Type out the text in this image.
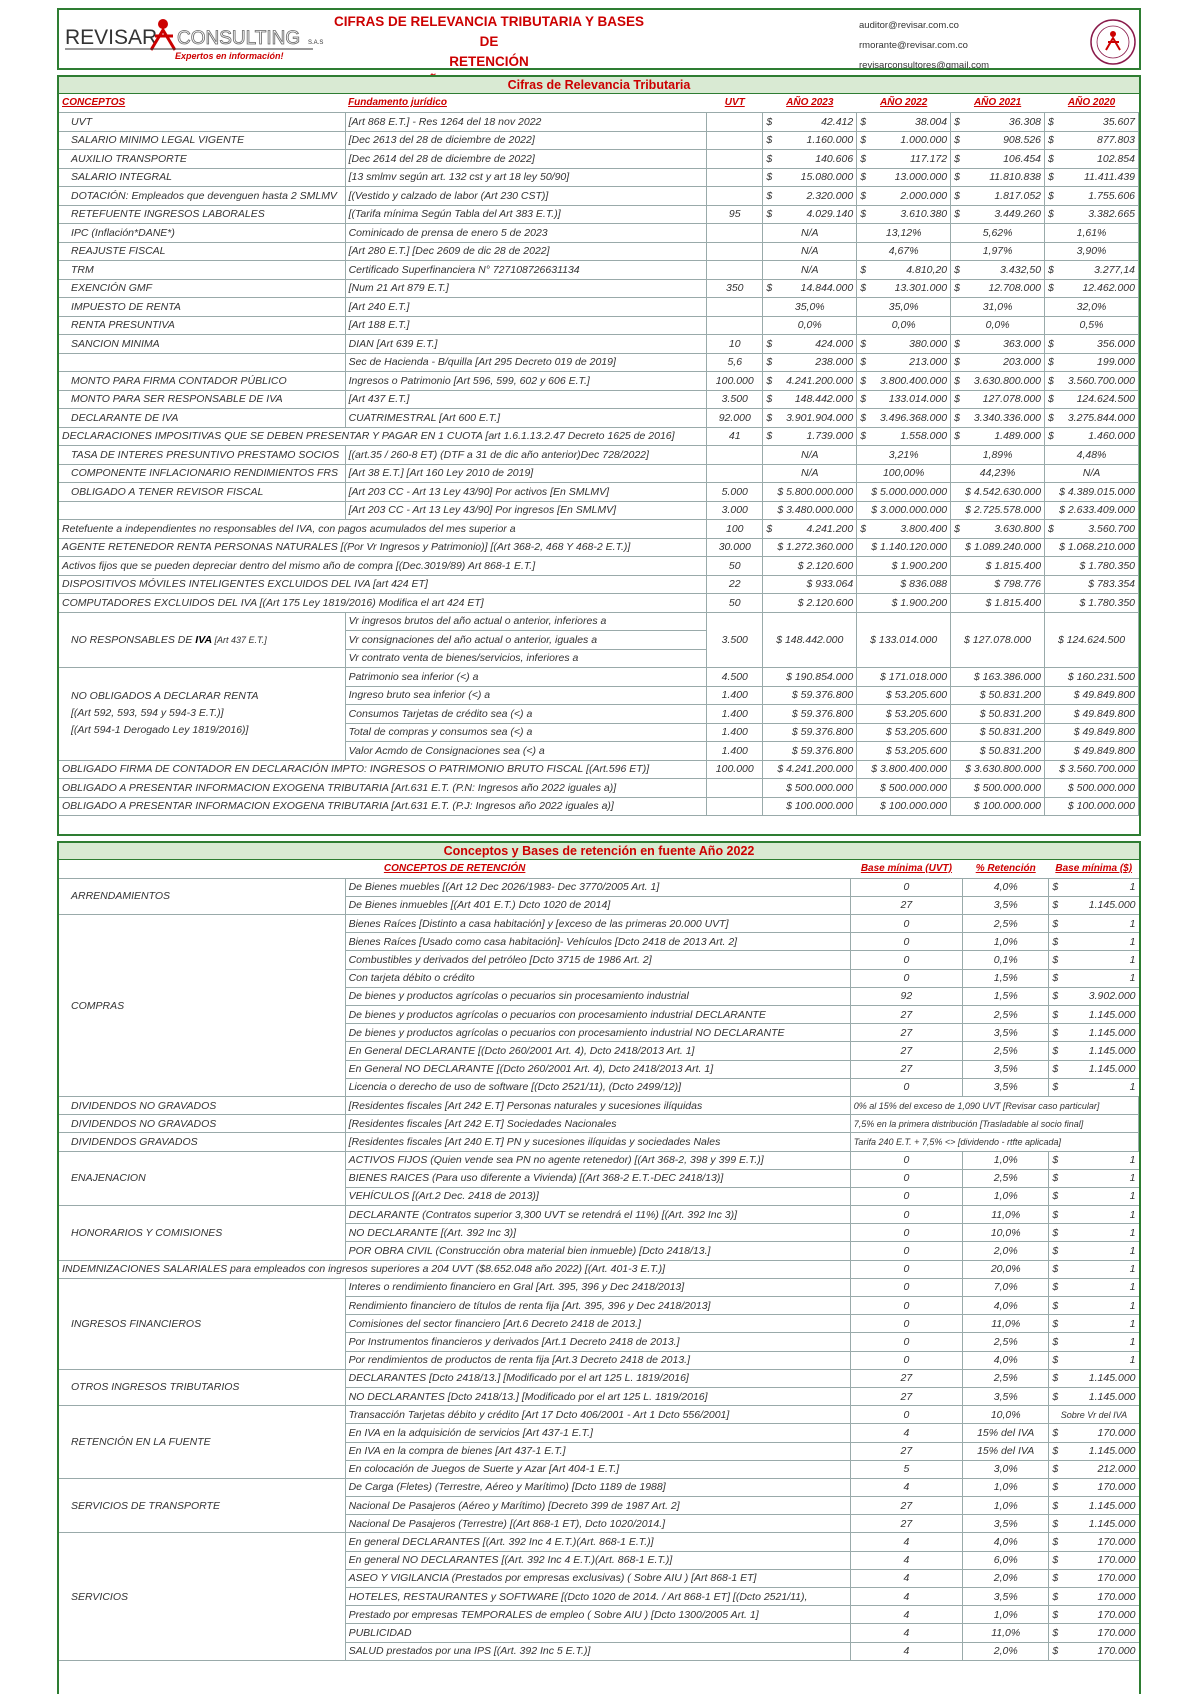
REVISAR CONSULTING S.A.S
Expertos en información!
CIFRAS DE RELEVANCIA TRIBUTARIA Y BASES DE
RETENCIÓN
auditor@revisar.com.co
rmorante@revisar.com.co
revisarconsultores@gmail.com
Cifras de Relevancia Tributaria
CONCEPTOS	Fundamento jurídico	UVT	AÑO 2023	AÑO 2022	AÑO 2021	AÑO 2020
UVT	[Art 868 E.T.] - Res 1264 del 18 nov 2022		$ 42.412	$ 38.004	$ 36.308	$ 35.607
SALARIO MINIMO LEGAL VIGENTE	[Dec 2613 del 28 de diciembre de 2022]		$ 1.160.000	$ 1.000.000	$ 908.526	$ 877.803
AUXILIO TRANSPORTE	[Dec 2614 del 28 de diciembre de 2022]		$ 140.606	$ 117.172	$ 106.454	$ 102.854
SALARIO INTEGRAL	[13 smlmv según art. 132 cst y art 18 ley 50/90]		$ 15.080.000	$ 13.000.000	$ 11.810.838	$ 11.411.439
DOTACIÓN: Empleados que devenguen hasta 2 SMLMV	[(Vestido y calzado de labor (Art 230 CST)]		$ 2.320.000	$ 2.000.000	$ 1.817.052	$ 1.755.606
RETEFUENTE INGRESOS LABORALES	[(Tarifa mínima Según Tabla del Art 383 E.T.)]	95	$ 4.029.140	$ 3.610.380	$ 3.449.260	$ 3.382.665
IPC (Inflación*DANE*)	Cominicado de prensa de enero 5 de 2023		N/A	13,12%	5,62%	1,61%
REAJUSTE FISCAL	[Art 280 E.T.] [Dec 2609 de dic 28 de 2022]		N/A	4,67%	1,97%	3,90%
TRM	Certificado Superfinanciera N° 727108726631134		N/A	$ 4.810,20	$ 3.432,50	$ 3.277,14
EXENCIÓN GMF	[Num 21 Art 879 E.T.]	350	$ 14.844.000	$ 13.301.000	$ 12.708.000	$ 12.462.000
IMPUESTO DE RENTA	[Art 240 E.T.]		35,0%	35,0%	31,0%	32,0%
RENTA PRESUNTIVA	[Art 188 E.T.]		0,0%	0,0%	0,0%	0,5%
SANCION MINIMA	DIAN [Art 639 E.T.]	10	$ 424.000	$ 380.000	$ 363.000	$ 356.000
	Sec de Hacienda - B/quilla [Art 295 Decreto 019 de 2019]	5,6	$ 238.000	$ 213.000	$ 203.000	$ 199.000
MONTO PARA FIRMA CONTADOR PÚBLICO	Ingresos o Patrimonio [Art 596, 599, 602 y 606 E.T.]	100.000	$ 4.241.200.000	$ 3.800.400.000	$ 3.630.800.000	$ 3.560.700.000
MONTO PARA SER RESPONSABLE DE IVA	[Art 437 E.T.]	3.500	$ 148.442.000	$ 133.014.000	$ 127.078.000	$ 124.624.500
DECLARANTE DE IVA	CUATRIMESTRAL [Art 600 E.T.]	92.000	$ 3.901.904.000	$ 3.496.368.000	$ 3.340.336.000	$ 3.275.844.000
DECLARACIONES IMPOSITIVAS QUE SE DEBEN PRESENTAR Y PAGAR EN 1 CUOTA [art 1.6.1.13.2.47 Decreto 1625 de 2016]		41	$ 1.739.000	$ 1.558.000	$ 1.489.000	$ 1.460.000
TASA DE INTERES PRESUNTIVO PRESTAMO SOCIOS	[(art.35 / 260-8 ET) (DTF a 31 de dic año anterior)Dec 728/2022]		N/A	3,21%	1,89%	4,48%
COMPONENTE INFLACIONARIO RENDIMIENTOS FRS	[Art 38 E.T.] [Art 160 Ley 2010 de 2019]		N/A	100,00%	44,23%	N/A
OBLIGADO A TENER REVISOR FISCAL	[Art 203 CC - Art 13 Ley 43/90] Por activos [En SMLMV]	5.000	$ 5.800.000.000	$ 5.000.000.000	$ 4.542.630.000	$ 4.389.015.000
	[Art 203 CC - Art 13 Ley 43/90] Por ingresos [En SMLMV]	3.000	$ 3.480.000.000	$ 3.000.000.000	$ 2.725.578.000	$ 2.633.409.000
Retefuente a independientes no responsables del IVA, con pagos acumulados del mes superior a		100	$ 4.241.200	$ 3.800.400	$ 3.630.800	$ 3.560.700
AGENTE RETENEDOR RENTA PERSONAS NATURALES [(Por Vr Ingresos y Patrimonio)] [(Art 368-2, 468 Y 468-2 E.T.)]		30.000	$ 1.272.360.000	$ 1.140.120.000	$ 1.089.240.000	$ 1.068.210.000
Activos fijos que se pueden depreciar dentro del mismo año de compra [(Dec.3019/89) Art 868-1 E.T.]		50	$ 2.120.600	$ 1.900.200	$ 1.815.400	$ 1.780.350
DISPOSITIVOS MÓVILES INTELIGENTES EXCLUIDOS DEL IVA [art 424 ET]		22	$ 933.064	$ 836.088	$ 798.776	$ 783.354
COMPUTADORES EXCLUIDOS DEL IVA [(Art 175 Ley 1819/2016) Modifica el art 424 ET]		50	$ 2.120.600	$ 1.900.200	$ 1.815.400	$ 1.780.350
NO RESPONSABLES DE IVA [Art 437 E.T.]	Vr ingresos brutos del año actual o anterior, inferiores a	3.500	$ 148.442.000	$ 133.014.000	$ 127.078.000	$ 124.624.500
	Vr consignaciones del año actual o anterior, iguales a					
	Vr contrato venta de bienes/servicios, inferiores a					

NO OBLIGADOS A DECLARAR RENTA
[(Art 592, 593, 594 y 594-3 E.T.)]
[(Art 594-1 Derogado Ley 1819/2016)]	Patrimonio sea inferior (<) a	4.500	$ 190.854.000	$ 171.018.000	$ 163.386.000	$ 160.231.500
	Ingreso bruto sea inferior (<) a	1.400	$ 59.376.800	$ 53.205.600	$ 50.831.200	$ 49.849.800
	Consumos Tarjetas de crédito sea (<) a	1.400	$ 59.376.800	$ 53.205.600	$ 50.831.200	$ 49.849.800
	Total de compras y consumos sea (<) a	1.400	$ 59.376.800	$ 53.205.600	$ 50.831.200	$ 49.849.800
	Valor Acmdo de Consignaciones sea (<) a	1.400	$ 59.376.800	$ 53.205.600	$ 50.831.200	$ 49.849.800
OBLIGADO FIRMA DE CONTADOR EN DECLARACIÓN IMPTO: INGRESOS O PATRIMONIO BRUTO FISCAL [(Art.596 ET)]		100.000	$ 4.241.200.000	$ 3.800.400.000	$ 3.630.800.000	$ 3.560.700.000
OBLIGADO A PRESENTAR INFORMACION EXOGENA TRIBUTARIA [Art.631 E.T. (P.N: Ingresos año 2022 iguales a)]			$ 500.000.000	$ 500.000.000	$ 500.000.000	$ 500.000.000
OBLIGADO A PRESENTAR INFORMACION EXOGENA TRIBUTARIA [Art.631 E.T. (P.J: Ingresos año 2022 iguales a)]			$ 100.000.000	$ 100.000.000	$ 100.000.000	$ 100.000.000
Conceptos y Bases de retención en fuente Año 2022
CONCEPTOS DE RETENCIÓN		Base mínima (UVT)	% Retención	Base mínima ($)
ARRENDAMIENTOS	De Bienes muebles [(Art 12 Dec 2026/1983- Dec 3770/2005 Art. 1]	0	4,0%	$ 1
	De Bienes inmuebles [(Art 401 E.T.) Dcto 1020 de 2014]	27	3,5%	$ 1.145.000
COMPRAS	Bienes Raíces [Distinto a casa habitación] y [exceso de las primeras 20.000 UVT]	0	2,5%	$ 1
	Bienes Raíces [Usado como casa habitación]- Vehículos [Dcto 2418 de 2013 Art. 2]	0	1,0%	$ 1
	Combustibles y derivados del petróleo [Dcto 3715 de 1986 Art. 2]	0	0,1%	$ 1
	Con tarjeta débito o crédito	0	1,5%	$ 1
	De bienes y productos agrícolas o pecuarios sin procesamiento industrial	92	1,5%	$ 3.902.000
	De bienes y productos agrícolas o pecuarios con procesamiento industrial DECLARANTE	27	2,5%	$ 1.145.000
	De bienes y productos agrícolas o pecuarios con procesamiento industrial NO DECLARANTE	27	3,5%	$ 1.145.000
	En General DECLARANTE [(Dcto 260/2001 Art. 4), Dcto 2418/2013 Art. 1]	27	2,5%	$ 1.145.000
	En General NO DECLARANTE [(Dcto 260/2001 Art. 4), Dcto 2418/2013 Art. 1]	27	3,5%	$ 1.145.000
	Licencia o derecho de uso de software [(Dcto 2521/11), (Dcto 2499/12)]	0	3,5%	$ 1
DIVIDENDOS NO GRAVADOS	[Residentes fiscales [Art 242 E.T] Personas naturales y sucesiones ilíquidas	0% al 15% del exceso de 1,090 UVT [Revisar caso particular]		
DIVIDENDOS NO GRAVADOS	[Residentes fiscales [Art 242 E.T] Sociedades Nacionales	7,5% en la primera distribución [Trasladable al socio final]		
DIVIDENDOS GRAVADOS	[Residentes fiscales [Art 240 E.T] PN y sucesiones ilíquidas y sociedades Nales	Tarifa 240 E.T. + 7,5% <> [dividendo - rtfte aplicada]		
ENAJENACION	ACTIVOS FIJOS (Quien vende sea PN no agente retenedor) [(Art 368-2, 398 y 399 E.T.)]	0	1,0%	$ 1
	BIENES RAICES (Para uso diferente a Vivienda) [(Art 368-2 E.T.-DEC 2418/13)]	0	2,5%	$ 1
	VEHÍCULOS [(Art.2 Dec. 2418 de 2013)]	0	1,0%	$ 1
HONORARIOS Y COMISIONES	DECLARANTE (Contratos superior 3,300 UVT se retendrá el 11%) [(Art. 392 Inc 3)]	0	11,0%	$ 1
	NO DECLARANTE [(Art. 392 Inc 3)]	0	10,0%	$ 1
	POR OBRA CIVIL (Construcción obra material bien inmueble) [Dcto 2418/13.]	0	2,0%	$ 1
INDEMNIZACIONES SALARIALES para empleados con ingresos superiores a 204 UVT ($8.652.048 año 2022) [(Art. 401-3 E.T.)]		0	20,0%	$ 1
INGRESOS FINANCIEROS	Interes o rendimiento financiero en Gral [Art. 395, 396 y Dec 2418/2013]	0	7,0%	$ 1
	Rendimiento financiero de títulos de renta fija [Art. 395, 396 y Dec 2418/2013]	0	4,0%	$ 1
	Comisiones del sector financiero [Art.6 Decreto 2418 de 2013.]	0	11,0%	$ 1
	Por Instrumentos financieros y derivados [Art.1 Decreto 2418 de 2013.]	0	2,5%	$ 1
	Por rendimientos de productos de renta fija [Art.3 Decreto 2418 de 2013.]	0	4,0%	$ 1
OTROS INGRESOS TRIBUTARIOS	DECLARANTES [Dcto 2418/13.] [Modificado por el art 125 L. 1819/2016]	27	2,5%	$ 1.145.000
	NO DECLARANTES [Dcto 2418/13.] [Modificado por el art 125 L. 1819/2016]	27	3,5%	$ 1.145.000
RETENCIÓN EN LA FUENTE	Transacción Tarjetas débito y crédito [Art 17 Dcto 406/2001 - Art 1 Dcto 556/2001]	0	10,0%	Sobre Vr del IVA
	En IVA en la adquisición de servicios [Art 437-1 E.T.]	4	15% del IVA	$ 170.000
	En IVA en la compra de bienes [Art 437-1 E.T.]	27	15% del IVA	$ 1.145.000
	En colocación de Juegos de Suerte y Azar [Art 404-1 E.T.]	5	3,0%	$ 212.000
SERVICIOS DE TRANSPORTE	De Carga (Fletes) (Terrestre, Aéreo y Marítimo) [Dcto 1189 de 1988]	4	1,0%	$ 170.000
	Nacional De Pasajeros (Aéreo y Marítimo) [Decreto 399 de 1987 Art. 2]	27	1,0%	$ 1.145.000
	Nacional De Pasajeros (Terrestre) [(Art 868-1 ET), Dcto 1020/2014.]	27	3,5%	$ 1.145.000
SERVICIOS	En general DECLARANTES [(Art. 392 Inc 4 E.T.)(Art. 868-1 E.T.)]	4	4,0%	$ 170.000
	En general NO DECLARANTES [(Art. 392 Inc 4 E.T.)(Art. 868-1 E.T.)]	4	6,0%	$ 170.000
	ASEO Y VIGILANCIA (Prestados por empresas exclusivas) ( Sobre AIU ) [Art 868-1 ET]	4	2,0%	$ 170.000
	HOTELES, RESTAURANTES y SOFTWARE [(Dcto 1020 de 2014. / Art 868-1 ET] [(Dcto 2521/11),	4	3,5%	$ 170.000
	Prestado por empresas TEMPORALES de empleo ( Sobre AIU ) [Dcto 1300/2005 Art. 1]	4	1,0%	$ 170.000
	PUBLICIDAD	4	11,0%	$ 170.000
	SALUD prestados por una IPS [(Art. 392 Inc 5 E.T.)]	4	2,0%	$ 170.000
